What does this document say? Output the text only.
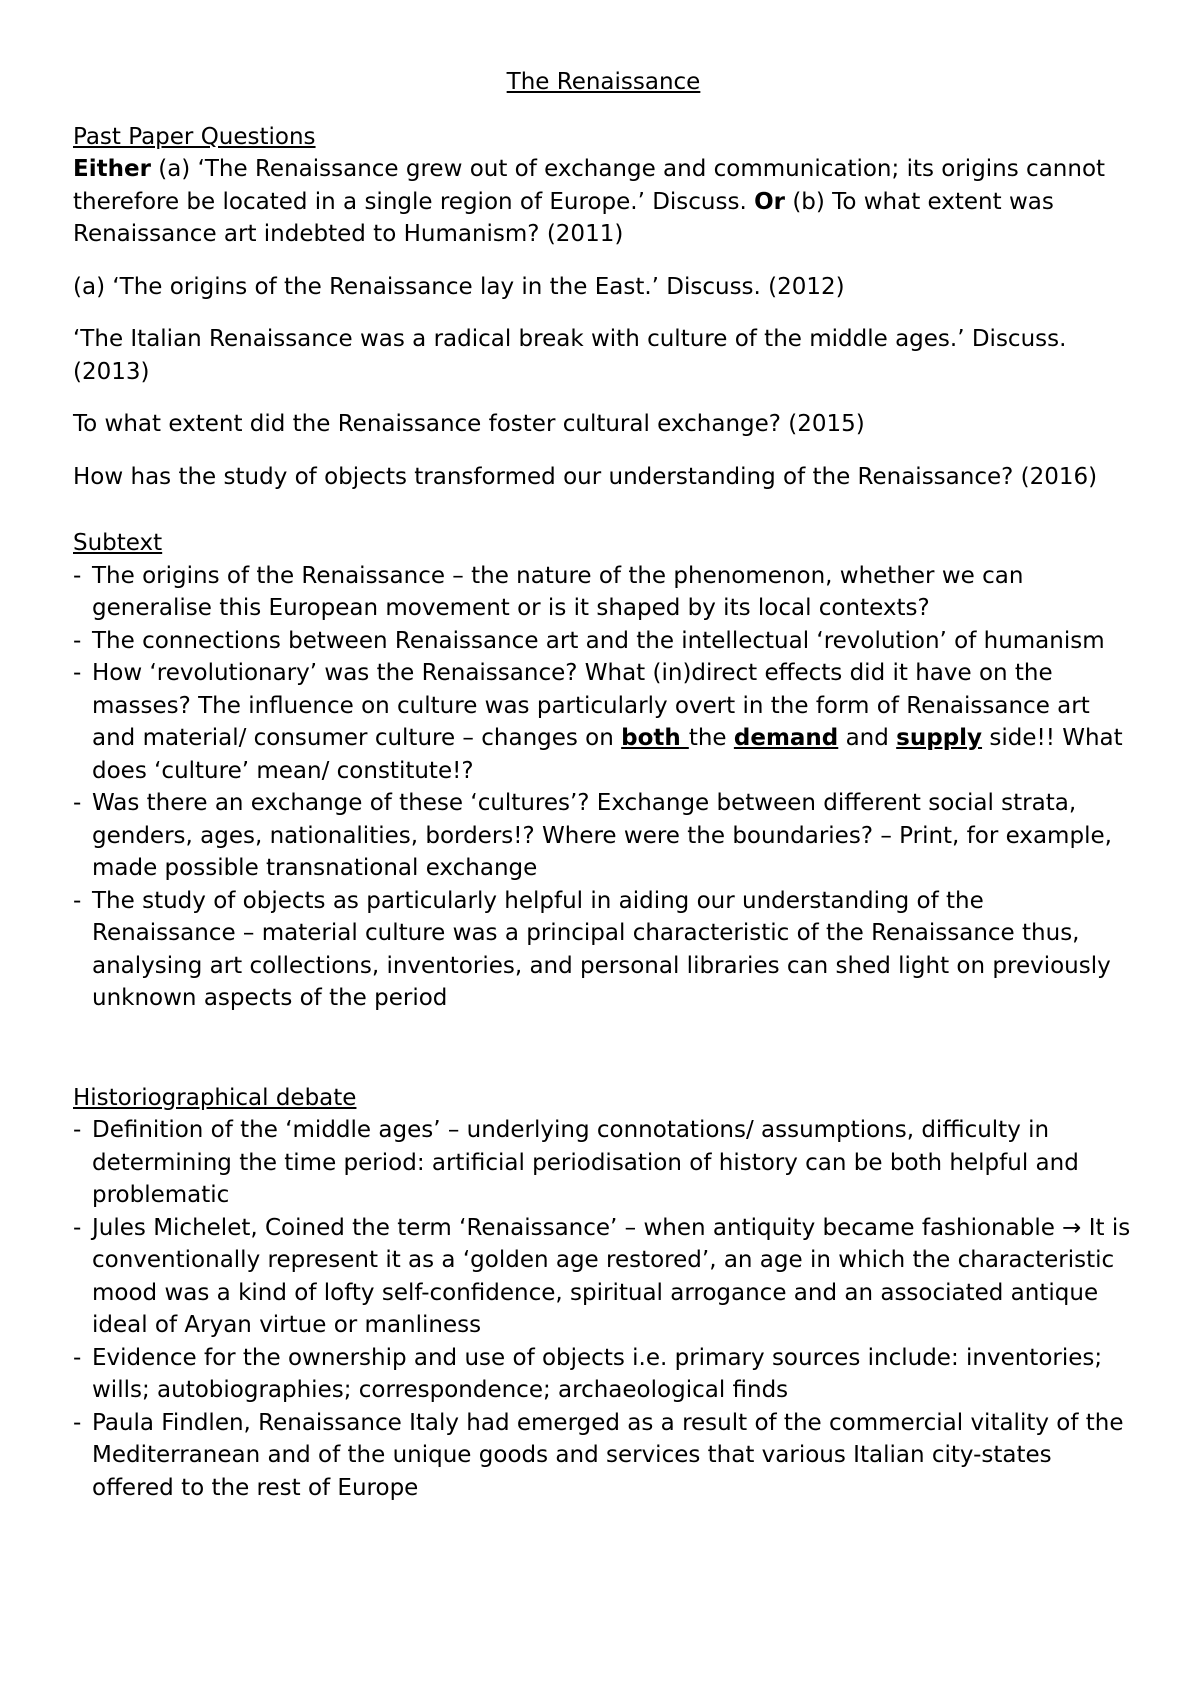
The Renaissance

Past Paper Questions

Either (a) ‘The Renaissance grew out of exchange and communication; its origins cannot therefore be located in a single region of Europe.’ Discuss. Or (b) To what extent was Renaissance art indebted to Humanism? (2011)

(a) ‘The origins of the Renaissance lay in the East.’ Discuss. (2012)

‘The Italian Renaissance was a radical break with culture of the middle ages.’ Discuss. (2013)

To what extent did the Renaissance foster cultural exchange? (2015)

How has the study of objects transformed our understanding of the Renaissance? (2016)

Subtext

- The origins of the Renaissance – the nature of the phenomenon, whether we can generalise this European movement or is it shaped by its local contexts?
- The connections between Renaissance art and the intellectual ‘revolution’ of humanism
- How ‘revolutionary’ was the Renaissance? What (in)direct effects did it have on the masses? The influence on culture was particularly overt in the form of Renaissance art and material/ consumer culture – changes on both the demand and supply side!! What does ‘culture’ mean/ constitute!?
- Was there an exchange of these ‘cultures’? Exchange between different social strata, genders, ages, nationalities, borders!? Where were the boundaries? – Print, for example, made possible transnational exchange
- The study of objects as particularly helpful in aiding our understanding of the Renaissance – material culture was a principal characteristic of the Renaissance thus, analysing art collections, inventories, and personal libraries can shed light on previously unknown aspects of the period

Historiographical debate

- Definition of the ‘middle ages’ – underlying connotations/ assumptions, difficulty in determining the time period: artificial periodisation of history can be both helpful and problematic
- Jules Michelet, Coined the term ‘Renaissance’ – when antiquity became fashionable → It is conventionally represent it as a ‘golden age restored’, an age in which the characteristic mood was a kind of lofty self-confidence, spiritual arrogance and an associated antique ideal of Aryan virtue or manliness
- Evidence for the ownership and use of objects i.e. primary sources include: inventories; wills; autobiographies; correspondence; archaeological finds
- Paula Findlen, Renaissance Italy had emerged as a result of the commercial vitality of the Mediterranean and of the unique goods and services that various Italian city-states offered to the rest of Europe
